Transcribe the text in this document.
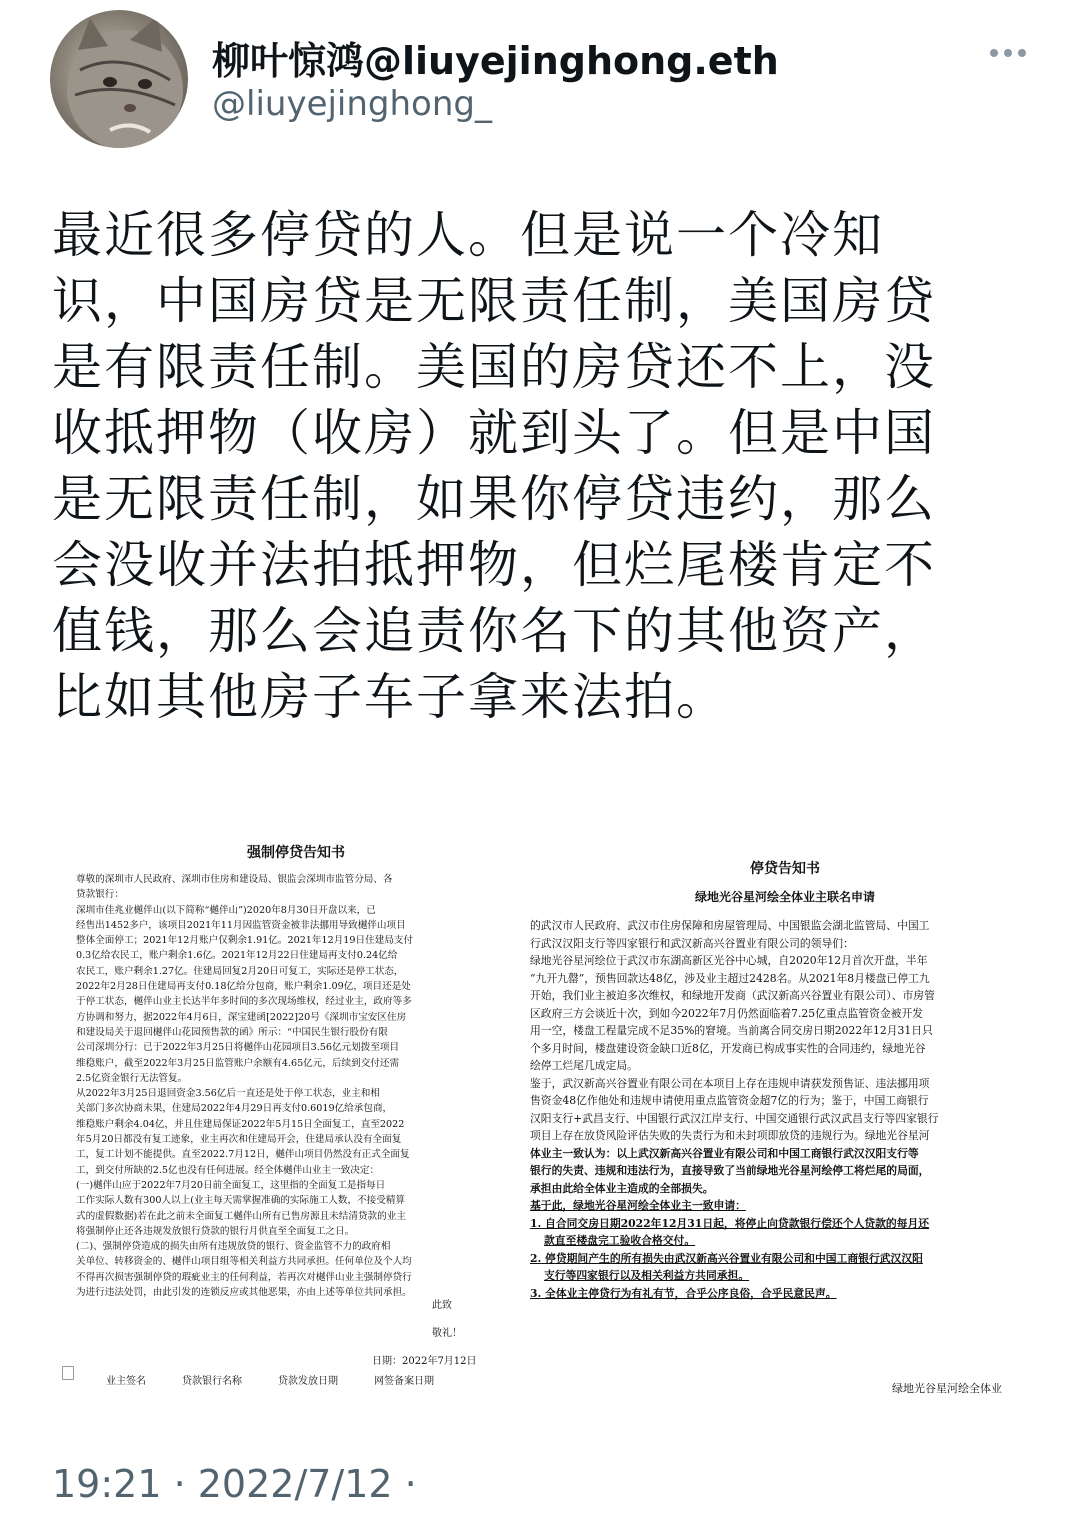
柳叶惊鸿@liuyejinghong.eth
@liuyejinghong_
最近很多停贷的人。但是说一个冷知
识，中国房贷是无限责任制，美国房贷
是有限责任制。美国的房贷还不上，没
收抵押物（收房）就到头了。但是中国
是无限责任制，如果你停贷违约，那么
会没收并法拍抵押物，但烂尾楼肯定不
值钱，那么会追责你名下的其他资产，
比如其他房子车子拿来法拍。
强制停贷告知书
尊敬的深圳市人民政府、深圳市住房和建设局、银监会深圳市监管分局、各
贷款银行：
深圳市佳兆业樾伴山(以下简称“樾伴山”)2020年8月30日开盘以来，已
经售出1452多户，该项目2021年11月因监管资金被非法挪用导致樾伴山项目
整体全面停工；2021年12月账户仅剩余1.91亿。2021年12月19日住建局支付
0.3亿给农民工，账户剩余1.6亿。2021年12月22日住建局再支付0.24亿给
农民工，账户剩余1.27亿。住建局回复2月20日可复工，实际还是停工状态，
2022年2月28日住建局再支付0.18亿给分包商，账户剩余1.09亿，项目还是处
于停工状态，樾伴山业主长达半年多时间的多次现场维权，经过业主，政府等多
方协调和努力，据2022年4月6日，深宝建函[2022]20号《深圳市宝安区住房
和建设局关于退回樾伴山花园预售款的函》所示：“中国民生银行股份有限
公司深圳分行：已于2022年3月25日将樾伴山花园项目3.56亿元划拨至项目
维稳账户，截至2022年3月25日监管账户余额有4.65亿元，后续到交付还需
2.5亿资金银行无法管复。
从2022年3月25日退回资金3.56亿后一直还是处于停工状态，业主和相
关部门多次协商未果，住建局2022年4月29日再支付0.6019亿给承包商，
维稳账户剩余4.04亿，并且住建局保证2022年5月15日全面复工，直至2022
年5月20日都没有复工迹象，业主再次和住建局开会，住建局承认没有全面复
工，复工计划不能提供。直至2022.7月12日，樾伴山项目仍然没有正式全面复
工，到交付所缺的2.5亿也没有任何进展。经全体樾伴山业主一致决定：
(一)樾伴山应于2022年7月20日前全面复工，这里指的全面复工是指每日
工作实际人数有300人以上(业主每天需掌握准确的实际施工人数，不接受精算
式的虚假数据)若在此之前未全面复工樾伴山所有已售房源且未结清贷款的业主
将强制停止还各违规发放银行贷款的银行月供直至全面复工之日。
(二)、强制停贷造成的损失由所有违规放贷的银行、资金监管不力的政府相
关单位、转移资金的、樾伴山项目组等相关利益方共同承担。任何单位及个人均
不得再次损害强制停贷的瑕疵业主的任何利益，若再次对樾伴山业主强制停贷行
为进行违法处罚，由此引发的连锁反应或其他恶果，亦由上述等单位共同承担。
此致
敬礼！
日期：2022年7月12日
业主签名	贷款银行名称	贷款发放日期	网签备案日期
停贷告知书
绿地光谷星河绘全体业主联名申请
的武汉市人民政府、武汉市住房保障和房屋管理局、中国银监会湖北监管局、中国工
行武汉汉阳支行等四家银行和武汉新高兴谷置业有限公司的领导们：
绿地光谷星河绘位于武汉市东湖高新区光谷中心城，自2020年12月首次开盘，半年
“九开九罄”，预售回款达48亿，涉及业主超过2428名。从2021年8月楼盘已停工九
开始，我们业主被迫多次维权，和绿地开发商（武汉新高兴谷置业有限公司）、市房管
区政府三方会谈近十次，到如今2022年7月仍然面临着7.25亿重点监管资金被开发
用一空，楼盘工程量完成不足35%的窘境。当前离合同交房日期2022年12月31日只
个多月时间，楼盘建设资金缺口近8亿，开发商已构成事实性的合同违约，绿地光谷
绘停工烂尾几成定局。
鉴于，武汉新高兴谷置业有限公司在本项目上存在违规申请获发预售证、违法挪用项
售资金48亿作他处和违规申请使用重点监管资金超7亿的行为；鉴于，中国工商银行
汉阳支行+武昌支行、中国银行武汉江岸支行、中国交通银行武汉武昌支行等四家银行
项目上存在放贷风险评估失败的失责行为和未封项即放贷的违规行为。绿地光谷星河
体业主一致认为：以上武汉新高兴谷置业有限公司和中国工商银行武汉汉阳支行等
银行的失责、违规和违法行为，直接导致了当前绿地光谷星河绘停工将烂尾的局面，
承担由此给全体业主造成的全部损失。
基于此，绿地光谷星河绘全体业主一致申请：
1. 自合同交房日期2022年12月31日起，将停止向贷款银行偿还个人贷款的每月还
款直至楼盘完工验收合格交付。
2. 停贷期间产生的所有损失由武汉新高兴谷置业有限公司和中国工商银行武汉汉阳
支行等四家银行以及相关利益方共同承担。
3. 全体业主停贷行为有礼有节，合乎公序良俗，合乎民意民声。
绿地光谷星河绘全体业
19:21 · 2022/7/12 ·
